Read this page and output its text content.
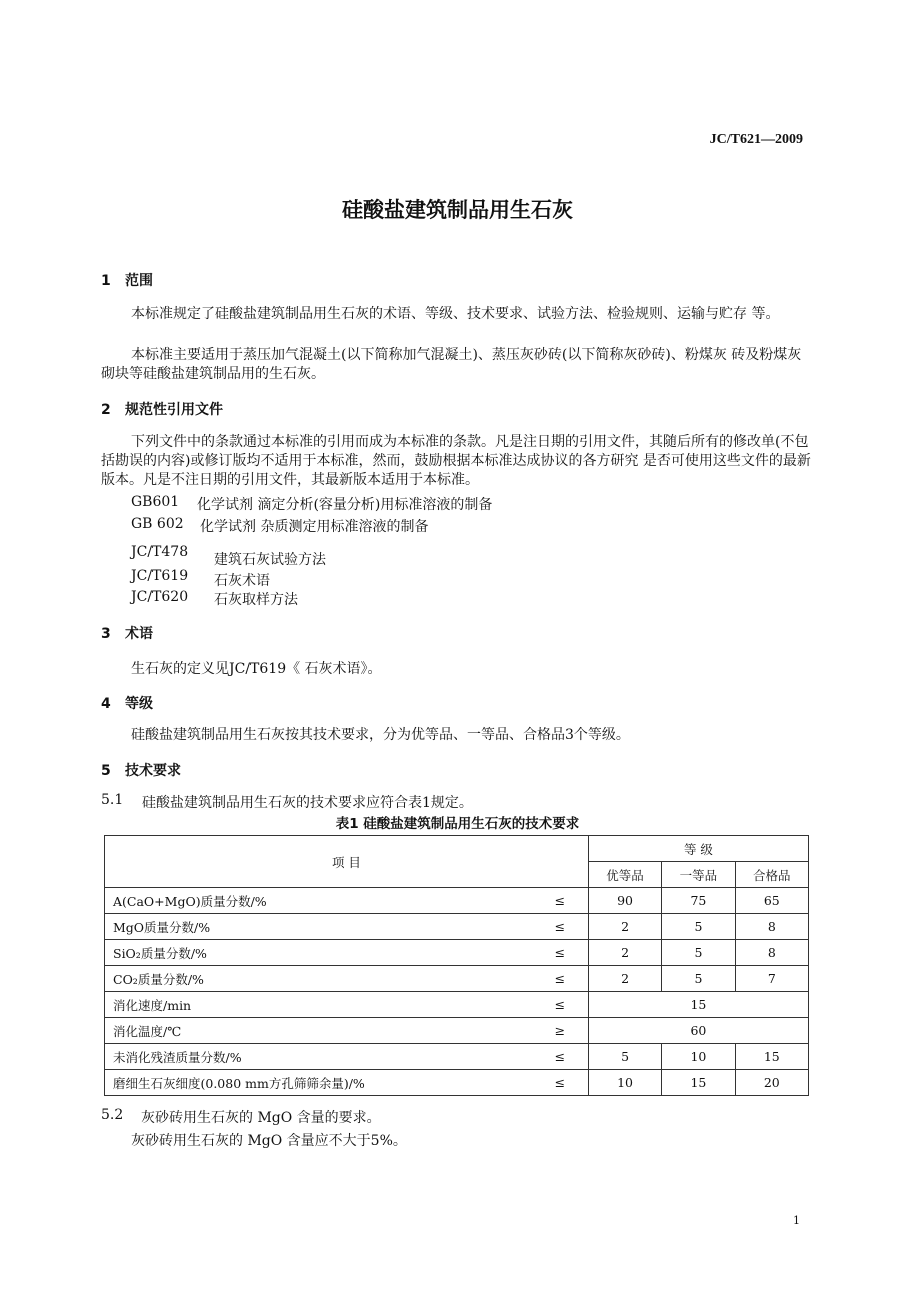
JC/T621—2009
硅酸盐建筑制品用生石灰
1 范围
本标准规定了硅酸盐建筑制品用生石灰的术语、等级、技术要求、试验方法、检验规则、运输与贮存 等。
本标准主要适用于蒸压加气混凝土(以下简称加气混凝土)、蒸压灰砂砖(以下简称灰砂砖)、粉煤灰 砖及粉煤灰砌块等硅酸盐建筑制品用的生石灰。
2 规范性引用文件
下列文件中的条款通过本标准的引用而成为本标准的条款。凡是注日期的引用文件，其随后所有的修改单(不包括勘误的内容)或修订版均不适用于本标准，然而，鼓励根据本标准达成协议的各方研究 是否可使用这些文件的最新版本。凡是不注日期的引用文件，其最新版本适用于本标准。
GB601 化学试剂 滴定分析(容量分析)用标准溶液的制备
GB 602 化学试剂 杂质测定用标准溶液的制备
JC/T478 建筑石灰试验方法
JC/T619 石灰术语
JC/T620 石灰取样方法
3 术语
生石灰的定义见JC/T619《 石灰术语》。
4 等级
硅酸盐建筑制品用生石灰按其技术要求，分为优等品、一等品、合格品3个等级。
5 技术要求
5.1 硅酸盐建筑制品用生石灰的技术要求应符合表1规定。
表1 硅酸盐建筑制品用生石灰的技术要求
项 目		等 级		
		优等品	一等品	合格品
A(CaO+MgO)质量分数/%	≤	90	75	65
MgO质量分数/%	≤	2	5	8
SiO₂质量分数/%	≤	2	5	8
CO₂质量分数/%	≤	2	5	7
消化速度/min	≤	15		
消化温度/℃	≥	60		
未消化残渣质量分数/%	≤	5	10	15
磨细生石灰细度(0.080 mm方孔筛筛余量)/%	≤	10	15	20
5.2 灰砂砖用生石灰的 MgO 含量的要求。
灰砂砖用生石灰的 MgO 含量应不大于5%。
1
